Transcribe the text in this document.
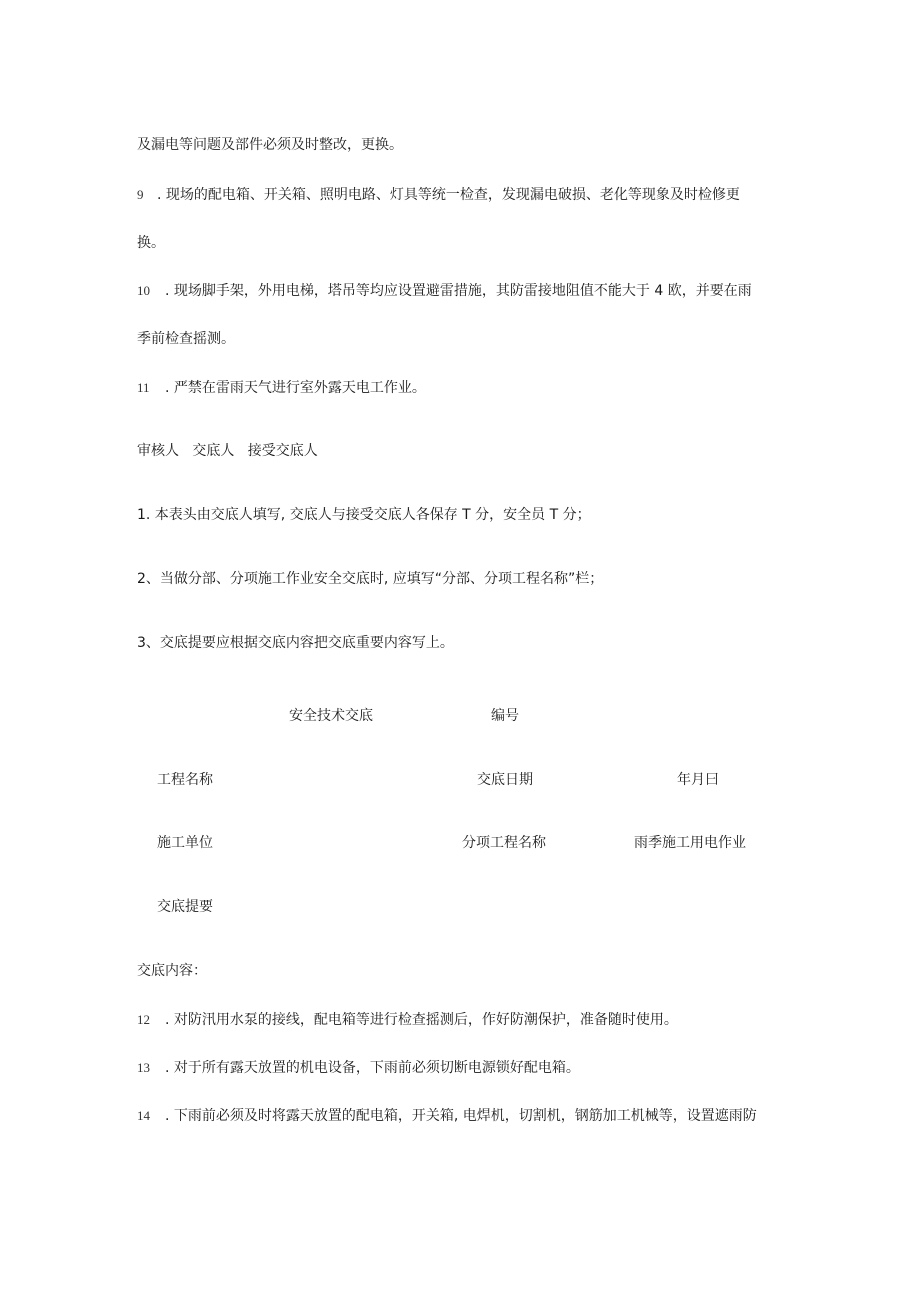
及漏电等问题及部件必须及时整改，更换。
9 . 现场的配电箱、开关箱、照明电路、灯具等统一检查，发现漏电破损、老化等现象及时检修更
换。
10 . 现场脚手架，外用电梯，塔吊等均应设置避雷措施，其防雷接地阻值不能大于 4 欧，并要在雨
季前检查摇测。
11 . 严禁在雷雨天气进行室外露天电工作业。
审核人   交底人   接受交底人
1. 本表头由交底人填写, 交底人与接受交底人各保存 T 分，安全员 T 分；
2、当做分部、分项施工作业安全交底时, 应填写“分部、分项工程名称”栏；
3、交底提要应根据交底内容把交底重要内容写上。
安全技术交底	编号
工程名称	交底日期	年月曰
施工单位	分项工程名称	雨季施工用电作业
交底提要
交底内容：
12 . 对防汛用水泵的接线，配电箱等进行检查摇测后，作好防潮保护，准备随时使用。
13 . 对于所有露天放置的机电设备，下雨前必须切断电源锁好配电箱。
14 . 下雨前必须及时将露天放置的配电箱，开关箱, 电焊机，切割机，钢筋加工机械等，设置遮雨防
